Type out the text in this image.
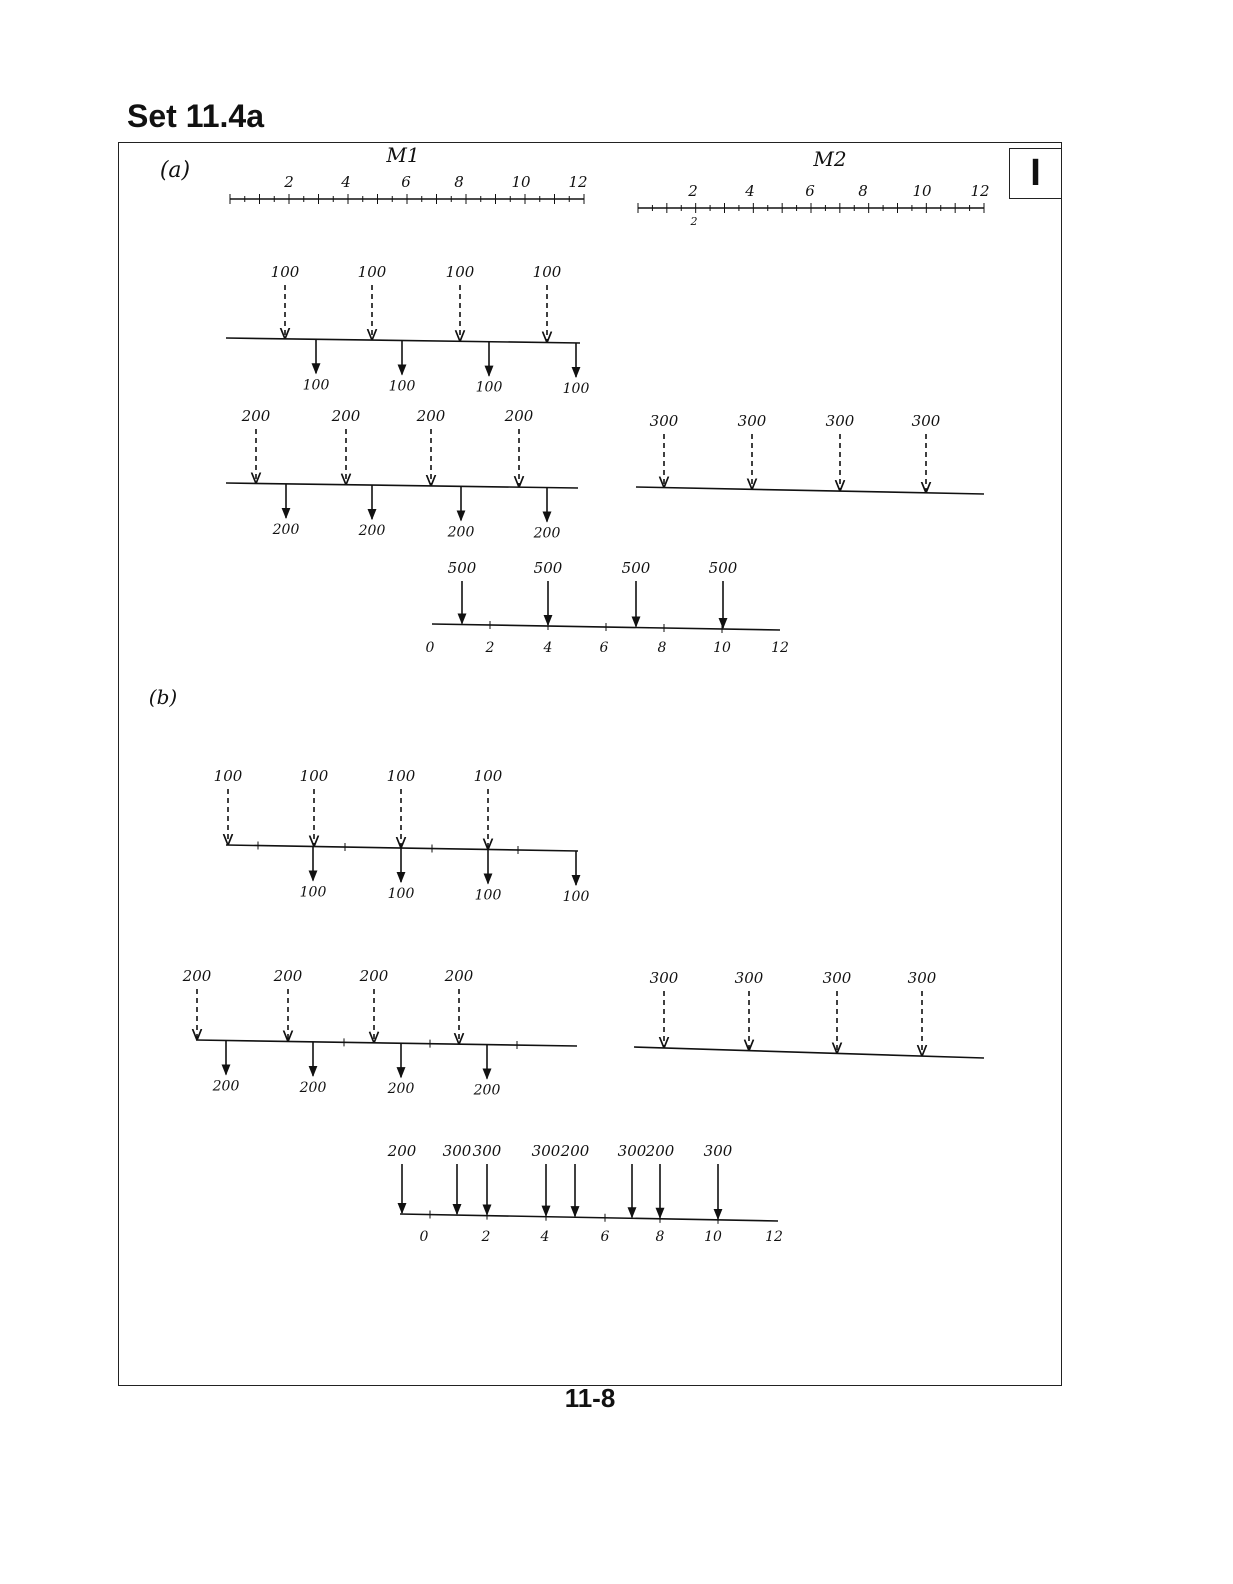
Set 11.4a
I
11-8
(a)
(b)
2	4	6	8	10	12
M1
2	4	6	8	10	12
M2
2
100	100	100	100
100	100	100	100
200	200	200	200
200	200	200	200
300	300	300	300
500	500	500	500
0	2	4	6	8	10	12
100	100	100	100
100	100	100	100
200	200	200	200
200	200	200	200
300	300	300	300
200 300 300 300 200 300 200 300
0	2	4	6	8	10	12
